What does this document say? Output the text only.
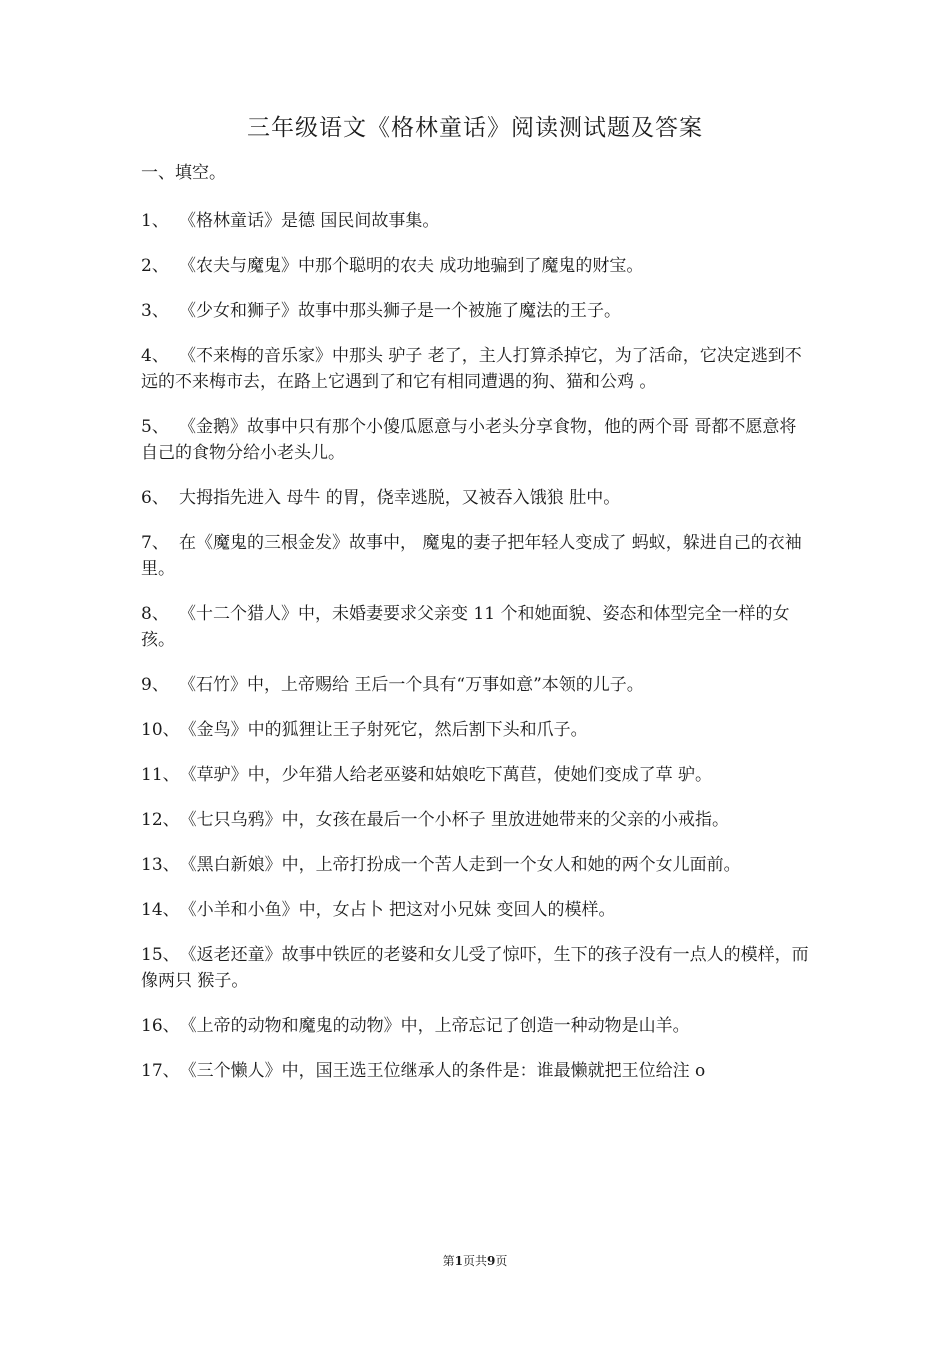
三年级语文《格林童话》阅读测试题及答案
一、填空。
1、 《格林童话》是德 国民间故事集。
2、 《农夫与魔鬼》中那个聪明的农夫 成功地骗到了魔鬼的财宝。
3、 《少女和狮子》故事中那头狮子是一个被施了魔法的王子。
4、 《不来梅的音乐家》中那头 驴子 老了，主人打算杀掉它，为了活命，它决定逃到不远的不来梅市去，在路上它遇到了和它有相同遭遇的狗、猫和公鸡 。
5、 《金鹅》故事中只有那个小傻瓜愿意与小老头分享食物，他的两个哥 哥都不愿意将自己的食物分给小老头儿。
6、 大拇指先进入 母牛 的胃，侥幸逃脱，又被吞入饿狼 肚中。
7、 在《魔鬼的三根金发》故事中， 魔鬼的妻子把年轻人变成了 蚂蚁，躲进自己的衣袖里。
8、 《十二个猎人》中，未婚妻要求父亲变 11 个和她面貌、姿态和体型完全一样的女孩。
9、 《石竹》中，上帝赐给 王后一个具有“万事如意”本领的儿子。
10、《金鸟》中的狐狸让王子射死它，然后割下头和爪子。
11、《草驴》中，少年猎人给老巫婆和姑娘吃下萬苣，使她们变成了草 驴。
12、《七只乌鸦》中，女孩在最后一个小杯子 里放进她带来的父亲的小戒指。
13、《黑白新娘》中，上帝打扮成一个苦人走到一个女人和她的两个女儿面前。
14、《小羊和小鱼》中，女占卜 把这对小兄妹 变回人的模样。
15、《返老还童》故事中铁匠的老婆和女儿受了惊吓，生下的孩子没有一点人的模样，而像两只 猴子。
16、《上帝的动物和魔鬼的动物》中，上帝忘记了创造一种动物是山羊。
17、《三个懒人》中，国王选王位继承人的条件是：谁最懒就把王位给注 o
第1页共9页
